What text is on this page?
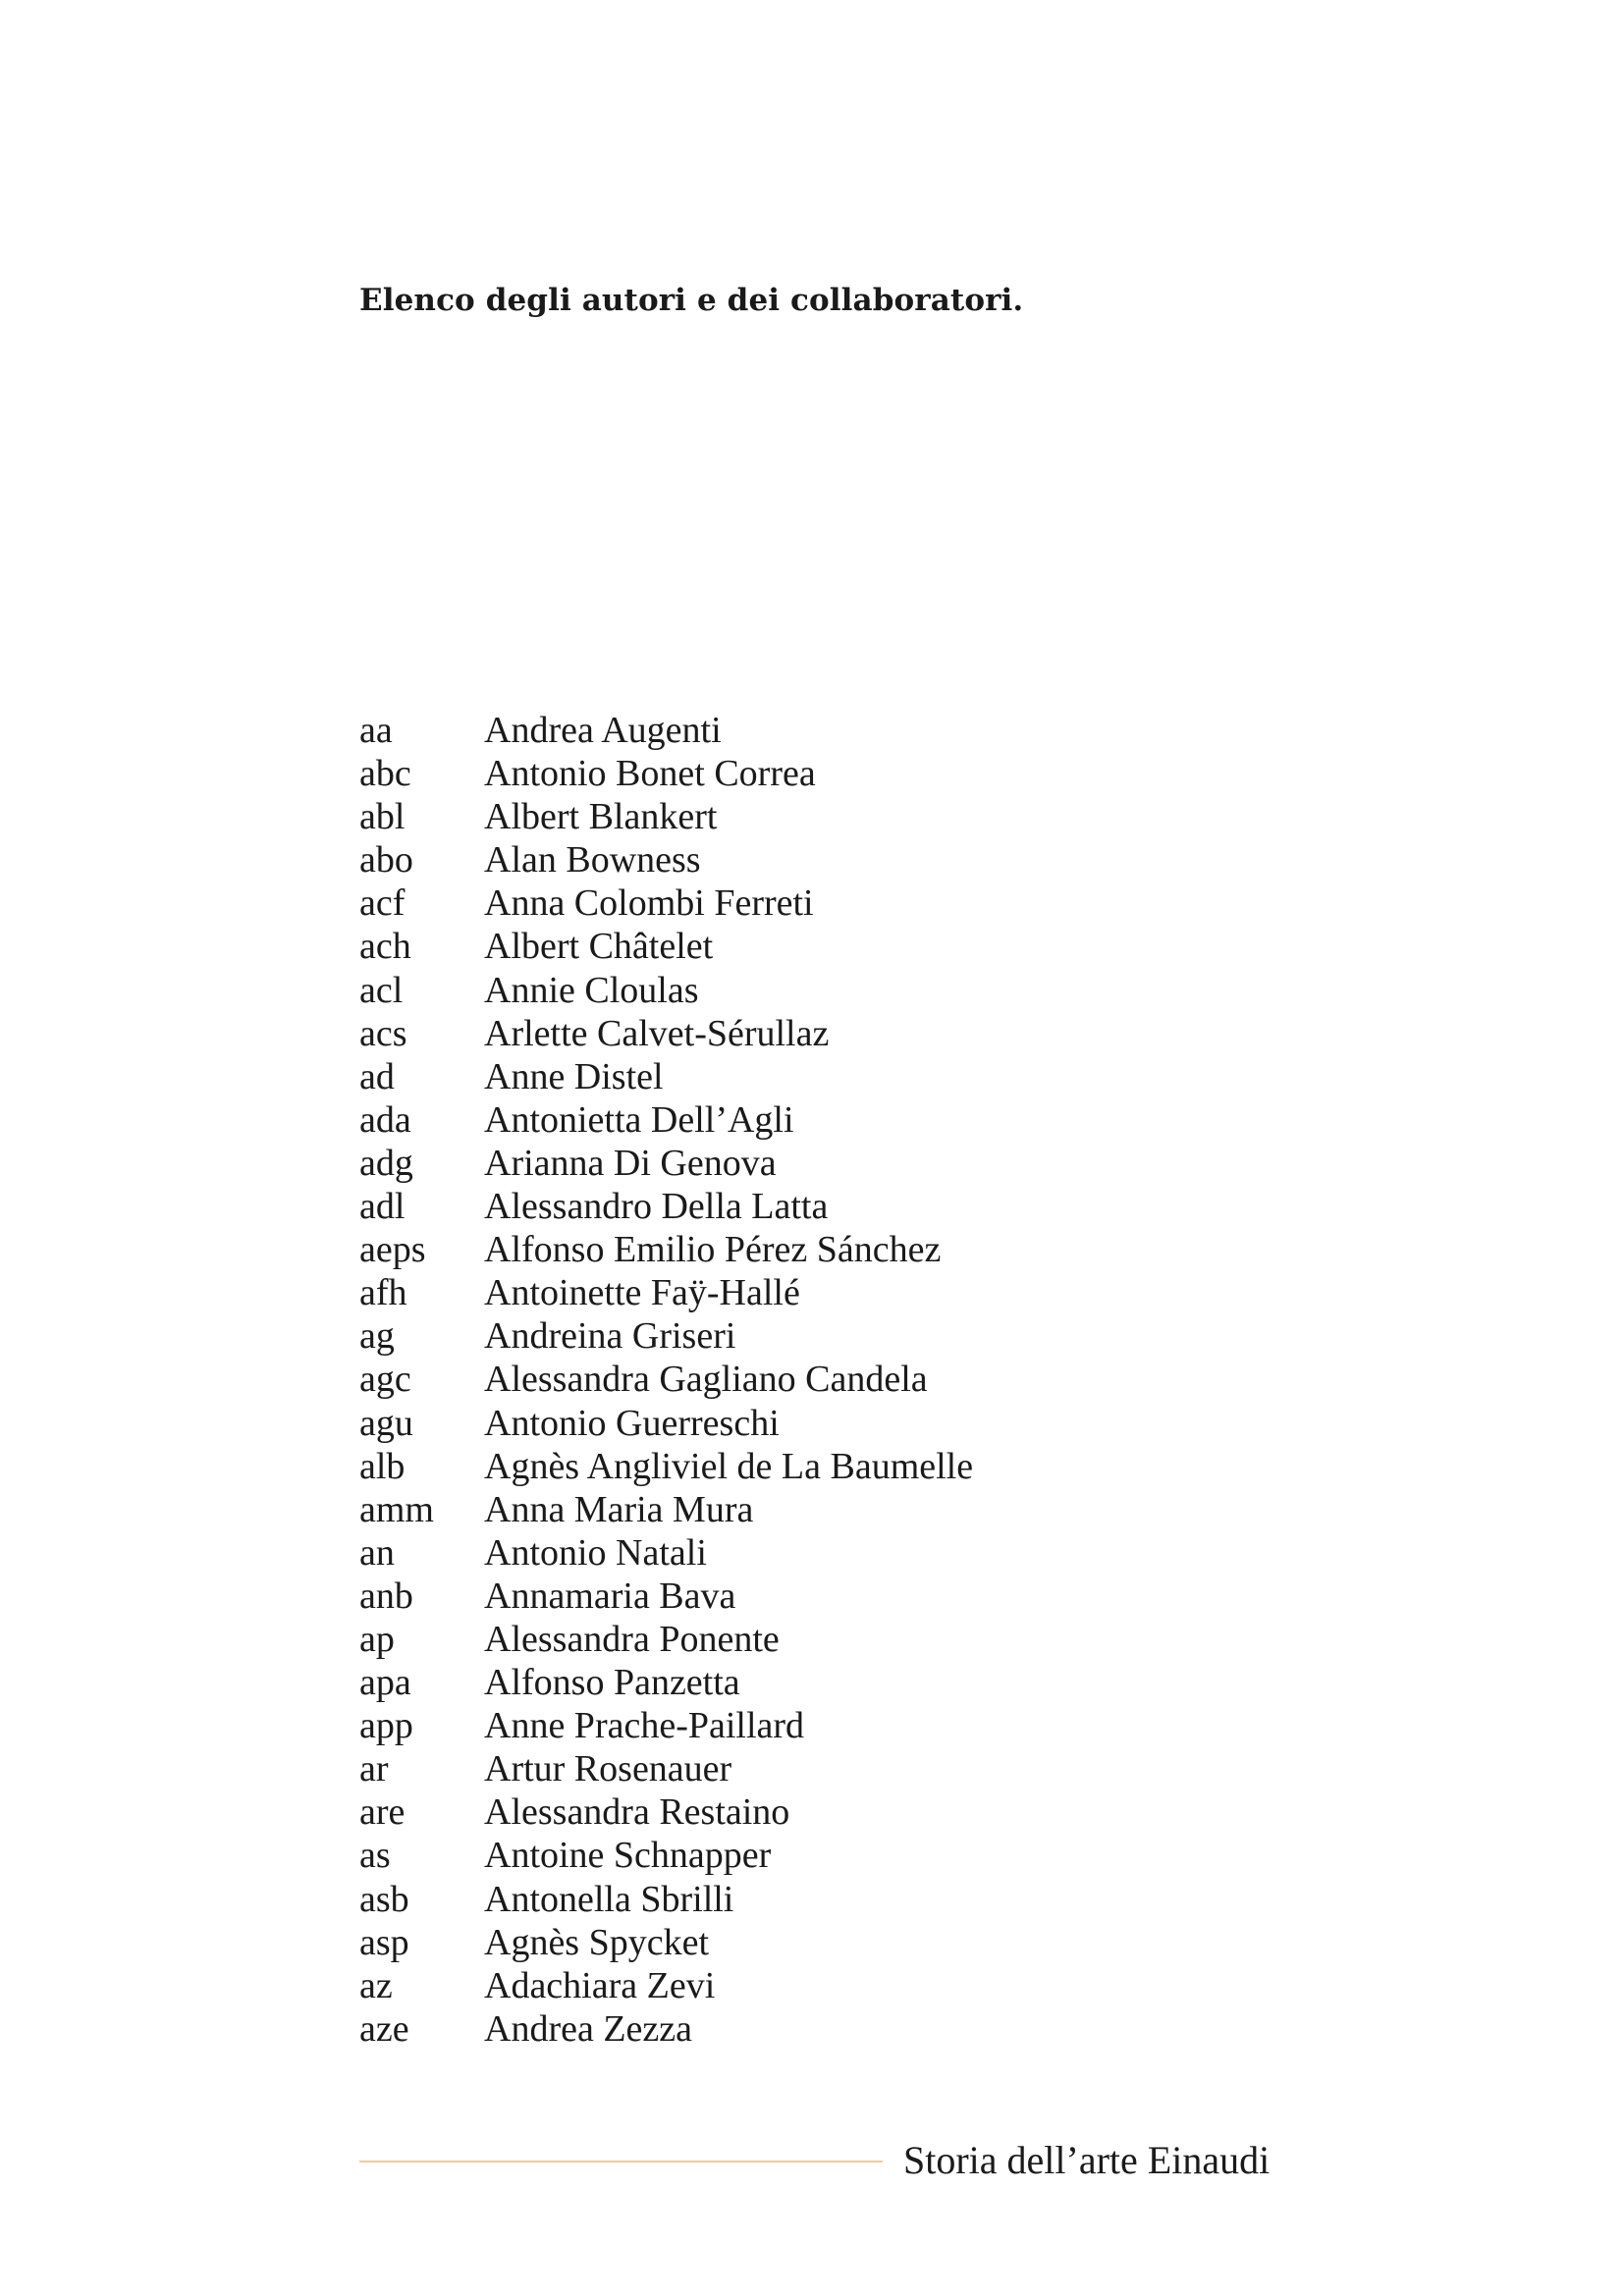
Elenco degli autori e dei collaboratori.
aa	Andrea Augenti
abc	Antonio Bonet Correa
abl	Albert Blankert
abo	Alan Bowness
acf	Anna Colombi Ferreti
ach	Albert Châtelet
acl	Annie Cloulas
acs	Arlette Calvet-Sérullaz
ad	Anne Distel
ada	Antonietta Dell’Agli
adg	Arianna Di Genova
adl	Alessandro Della Latta
aeps	Alfonso Emilio Pérez Sánchez
afh	Antoinette Faÿ-Hallé
ag	Andreina Griseri
agc	Alessandra Gagliano Candela
agu	Antonio Guerreschi
alb	Agnès Angliviel de La Baumelle
amm	Anna Maria Mura
an	Antonio Natali
anb	Annamaria Bava
ap	Alessandra Ponente
apa	Alfonso Panzetta
app	Anne Prache-Paillard
ar	Artur Rosenauer
are	Alessandra Restaino
as	Antoine Schnapper
asb	Antonella Sbrilli
asp	Agnès Spycket
az	Adachiara Zevi
aze	Andrea Zezza
Storia dell’arte Einaudi
